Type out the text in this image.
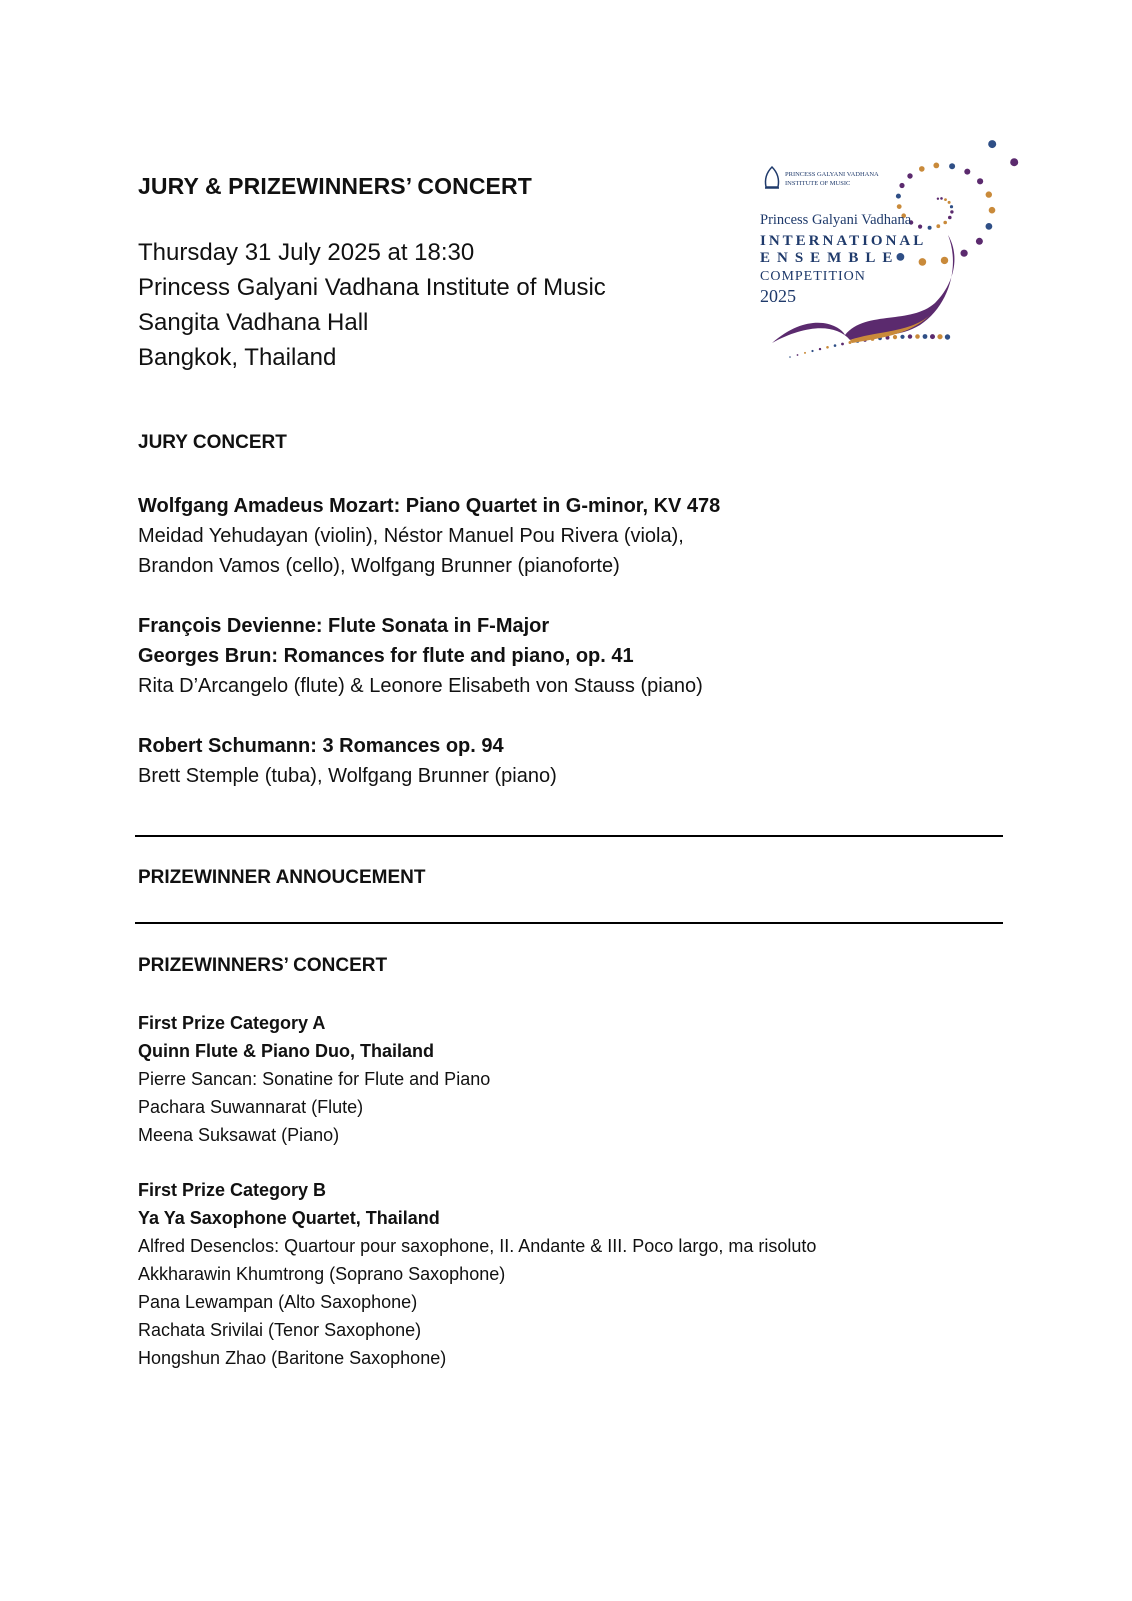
JURY & PRIZEWINNERS’ CONCERT
Thursday 31 July 2025 at 18:30
Princess Galyani Vadhana Institute of Music
Sangita Vadhana Hall
Bangkok, Thailand
PRINCESS GALYANI VADHANA
INSTITUTE OF MUSIC
Princess Galyani Vadhana
INTERNATIONAL
ENSEMBLE
COMPETITION
2025
JURY CONCERT
Wolfgang Amadeus Mozart: Piano Quartet in G-minor, KV 478
Meidad Yehudayan (violin), Néstor Manuel Pou Rivera (viola),
Brandon Vamos (cello), Wolfgang Brunner (pianoforte)
François Devienne: Flute Sonata in F-Major
Georges Brun: Romances for flute and piano, op. 41
Rita D’Arcangelo (flute) & Leonore Elisabeth von Stauss (piano)
Robert Schumann: 3 Romances op. 94
Brett Stemple (tuba), Wolfgang Brunner (piano)
PRIZEWINNER ANNOUCEMENT
PRIZEWINNERS’ CONCERT
First Prize Category A
Quinn Flute & Piano Duo, Thailand
Pierre Sancan: Sonatine for Flute and Piano
Pachara Suwannarat (Flute)
Meena Suksawat (Piano)
First Prize Category B
Ya Ya Saxophone Quartet, Thailand
Alfred Desenclos: Quartour pour saxophone, II. Andante & III. Poco largo, ma risoluto
Akkharawin Khumtrong (Soprano Saxophone)
Pana Lewampan (Alto Saxophone)
Rachata Srivilai (Tenor Saxophone)
Hongshun Zhao (Baritone Saxophone)
